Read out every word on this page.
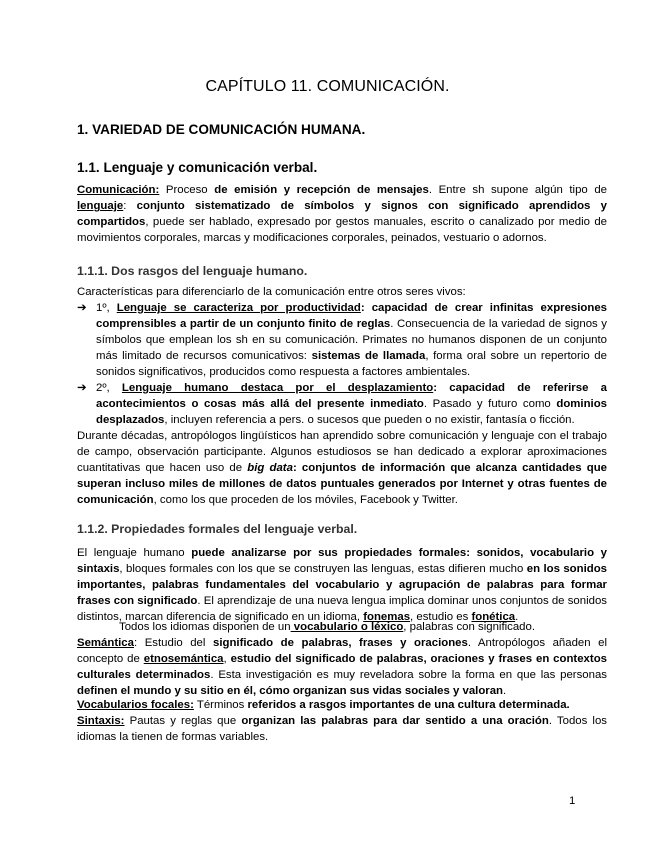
CAPÍTULO 11. COMUNICACIÓN.
1. VARIEDAD DE COMUNICACIÓN HUMANA.
1.1. Lenguaje y comunicación verbal.

Comunicación: Proceso de emisión y recepción de mensajes. Entre sh supone algún tipo de lenguaje: conjunto sistematizado de símbolos y signos con significado aprendidos y compartidos, puede ser hablado, expresado por gestos manuales, escrito o canalizado por medio de movimientos corporales, marcas y modificaciones corporales, peinados, vestuario o adornos.

1.1.1. Dos rasgos del lenguaje humano.

Características para diferenciarlo de la comunicación entre otros seres vivos:

➔ 1º, Lenguaje se caracteriza por productividad: capacidad de crear infinitas expresiones comprensibles a partir de un conjunto finito de reglas. Consecuencia de la variedad de signos y símbolos que emplean los sh en su comunicación. Primates no humanos disponen de un conjunto más limitado de recursos comunicativos: sistemas de llamada, forma oral sobre un repertorio de sonidos significativos, producidos como respuesta a factores ambientales.
➔ 2º, Lenguaje humano destaca por el desplazamiento: capacidad de referirse a acontecimientos o cosas más allá del presente inmediato. Pasado y futuro como dominios desplazados, incluyen referencia a pers. o sucesos que pueden o no existir, fantasía o ficción.

Durante décadas, antropólogos lingüísticos han aprendido sobre comunicación y lenguaje con el trabajo de campo, observación participante. Algunos estudiosos se han dedicado a explorar aproximaciones cuantitativas que hacen uso de big data: conjuntos de información que alcanza cantidades que superan incluso miles de millones de datos puntuales generados por Internet y otras fuentes de comunicación, como los que proceden de los móviles, Facebook y Twitter.

1.1.2. Propiedades formales del lenguaje verbal.

El lenguaje humano puede analizarse por sus propiedades formales: sonidos, vocabulario y sintaxis, bloques formales con los que se construyen las lenguas, estas difieren mucho en los sonidos importantes, palabras fundamentales del vocabulario y agrupación de palabras para formar frases con significado. El aprendizaje de una nueva lengua implica dominar unos conjuntos de sonidos distintos, marcan diferencia de significado en un idioma, fonemas, estudio es fonética.

Todos los idiomas disponen de un vocabulario o léxico, palabras con significado.

Semántica: Estudio del significado de palabras, frases y oraciones. Antropólogos añaden el concepto de etnosemántica, estudio del significado de palabras, oraciones y frases en contextos culturales determinados. Esta investigación es muy reveladora sobre la forma en que las personas definen el mundo y su sitio en él, cómo organizan sus vidas sociales y valoran.

Vocabularios focales: Términos referidos a rasgos importantes de una cultura determinada.

Sintaxis: Pautas y reglas que organizan las palabras para dar sentido a una oración. Todos los idiomas la tienen de formas variables.

1
